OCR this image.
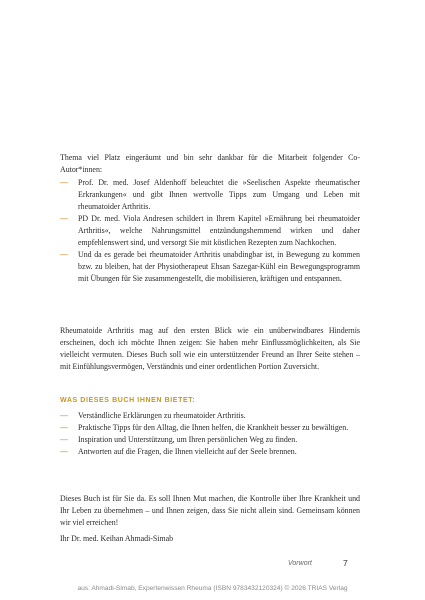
Thema viel Platz eingeräumt und bin sehr dankbar für die Mitarbeit folgender Co-Autor*innen:

— Prof. Dr. med. Josef Aldenhoff beleuchtet die »Seelischen Aspekte rheumatischer Erkrankungen« und gibt Ihnen wertvolle Tipps zum Umgang und Leben mit rheumatoider Arthritis.
— PD Dr. med. Viola Andresen schildert in Ihrem Kapitel »Ernährung bei rheumatoider Arthritis«, welche Nahrungsmittel entzündungshemmend wirken und daher empfehlenswert sind, und versorgt Sie mit köstlichen Rezepten zum Nachkochen.
— Und da es gerade bei rheumatoider Arthritis unabdingbar ist, in Bewegung zu kommen bzw. zu bleiben, hat der Physiotherapeut Ehsan Sazegar-Kühl ein Bewegungsprogramm mit Übungen für Sie zusammengestellt, die mobilisieren, kräftigen und entspannen.

Rheumatoide Arthritis mag auf den ersten Blick wie ein unüberwindbares Hindernis erscheinen, doch ich möchte Ihnen zeigen: Sie haben mehr Einflussmöglichkeiten, als Sie vielleicht vermuten. Dieses Buch soll wie ein unterstützender Freund an Ihrer Seite stehen – mit Einfühlungsvermögen, Verständnis und einer ordentlichen Portion Zuversicht.

WAS DIESES BUCH IHNEN BIETET:
— Verständliche Erklärungen zu rheumatoider Arthritis.
— Praktische Tipps für den Alltag, die Ihnen helfen, die Krankheit besser zu bewältigen.
— Inspiration und Unterstützung, um Ihren persönlichen Weg zu finden.
— Antworten auf die Fragen, die Ihnen vielleicht auf der Seele brennen.

Dieses Buch ist für Sie da. Es soll Ihnen Mut machen, die Kontrolle über Ihre Krankheit und Ihr Leben zu übernehmen – und Ihnen zeigen, dass Sie nicht allein sind. Gemeinsam können wir viel erreichen!

Ihr Dr. med. Keihan Ahmadi-Simab

Vorwort	7
aus: Ahmadi-Simab, Expertenwissen Rheuma (ISBN 9783432120324) © 2026 TRIAS Verlag
